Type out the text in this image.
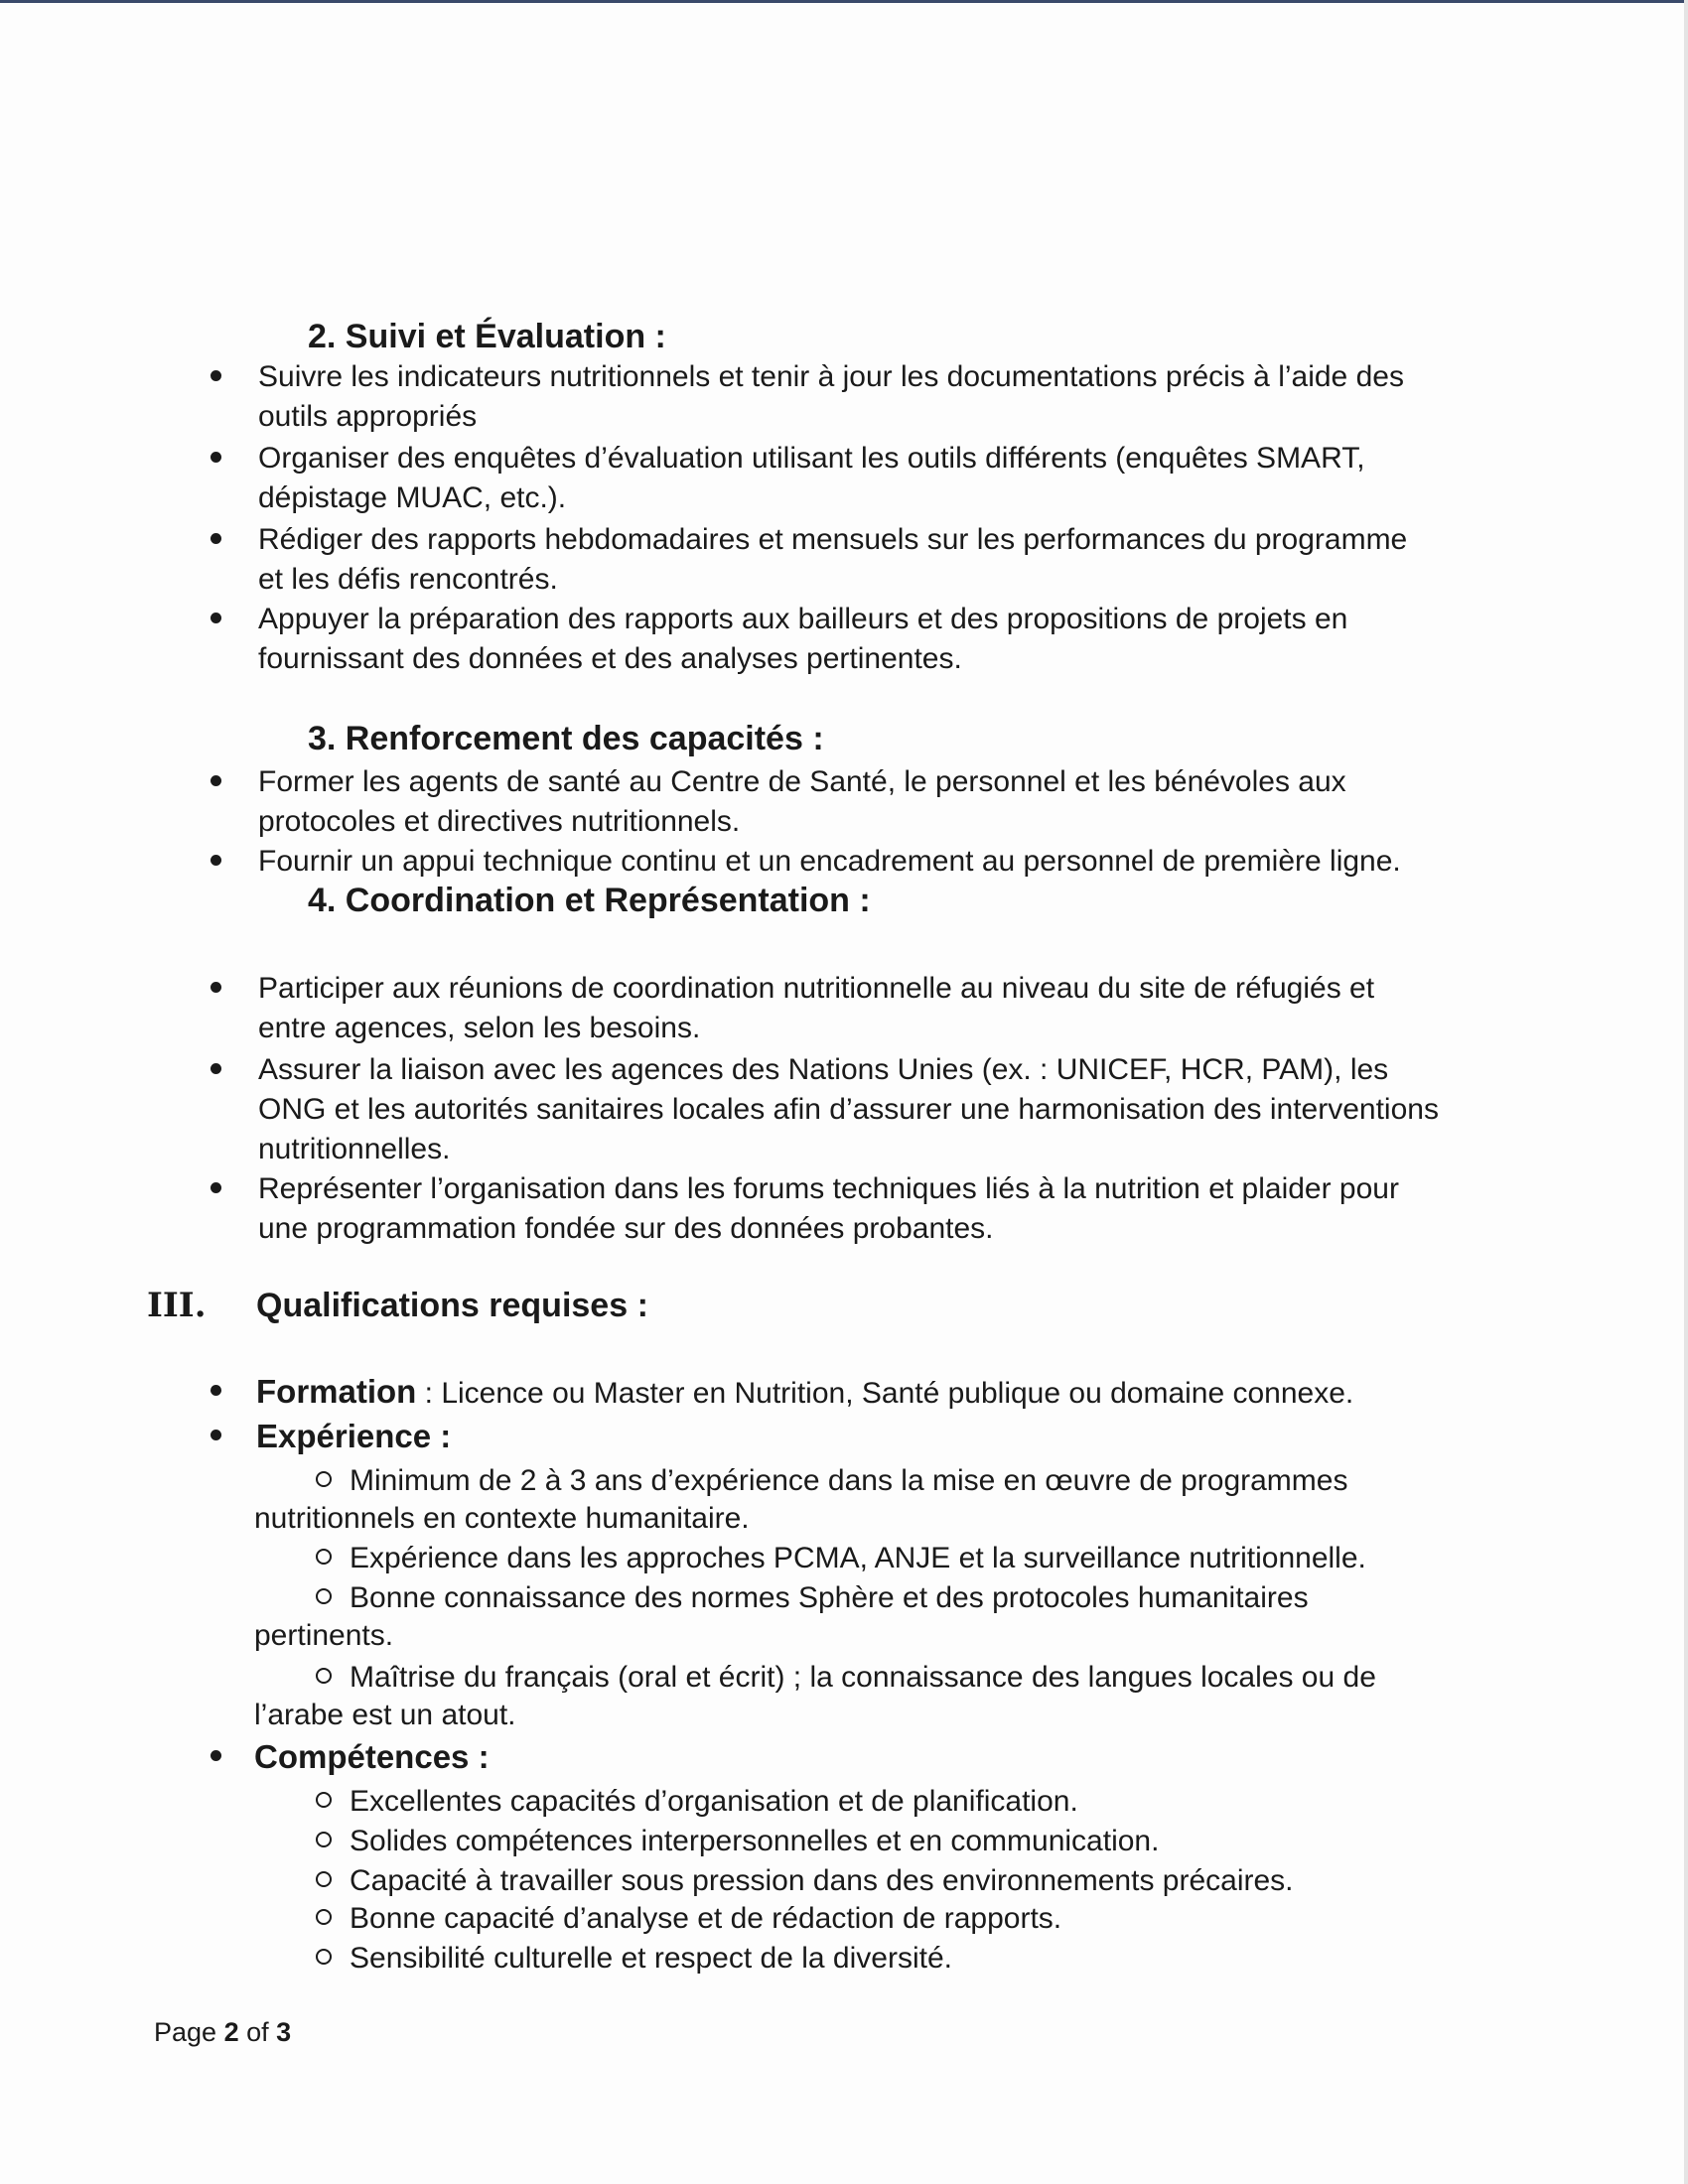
2. Suivi et Évaluation :
Suivre les indicateurs nutritionnels et tenir à jour les documentations précis à l’aide des
outils appropriés
Organiser des enquêtes d’évaluation utilisant les outils différents (enquêtes SMART,
dépistage MUAC, etc.).
Rédiger des rapports hebdomadaires et mensuels sur les performances du programme
et les défis rencontrés.
Appuyer la préparation des rapports aux bailleurs et des propositions de projets en
fournissant des données et des analyses pertinentes.
3. Renforcement des capacités :
Former les agents de santé au Centre de Santé, le personnel et les bénévoles aux
protocoles et directives nutritionnels.
Fournir un appui technique continu et un encadrement au personnel de première ligne.
4. Coordination et Représentation :
Participer aux réunions de coordination nutritionnelle au niveau du site de réfugiés et
entre agences, selon les besoins.
Assurer la liaison avec les agences des Nations Unies (ex. : UNICEF, HCR, PAM), les
ONG et les autorités sanitaires locales afin d’assurer une harmonisation des interventions
nutritionnelles.
Représenter l’organisation dans les forums techniques liés à la nutrition et plaider pour
une programmation fondée sur des données probantes.
III. Qualifications requises :
Formation : Licence ou Master en Nutrition, Santé publique ou domaine connexe.
Expérience :
Minimum de 2 à 3 ans d’expérience dans la mise en œuvre de programmes
nutritionnels en contexte humanitaire.
Expérience dans les approches PCMA, ANJE et la surveillance nutritionnelle.
Bonne connaissance des normes Sphère et des protocoles humanitaires
pertinents.
Maîtrise du français (oral et écrit) ; la connaissance des langues locales ou de
l’arabe est un atout.
Compétences :
Excellentes capacités d’organisation et de planification.
Solides compétences interpersonnelles et en communication.
Capacité à travailler sous pression dans des environnements précaires.
Bonne capacité d’analyse et de rédaction de rapports.
Sensibilité culturelle et respect de la diversité.
Page 2 of 3
